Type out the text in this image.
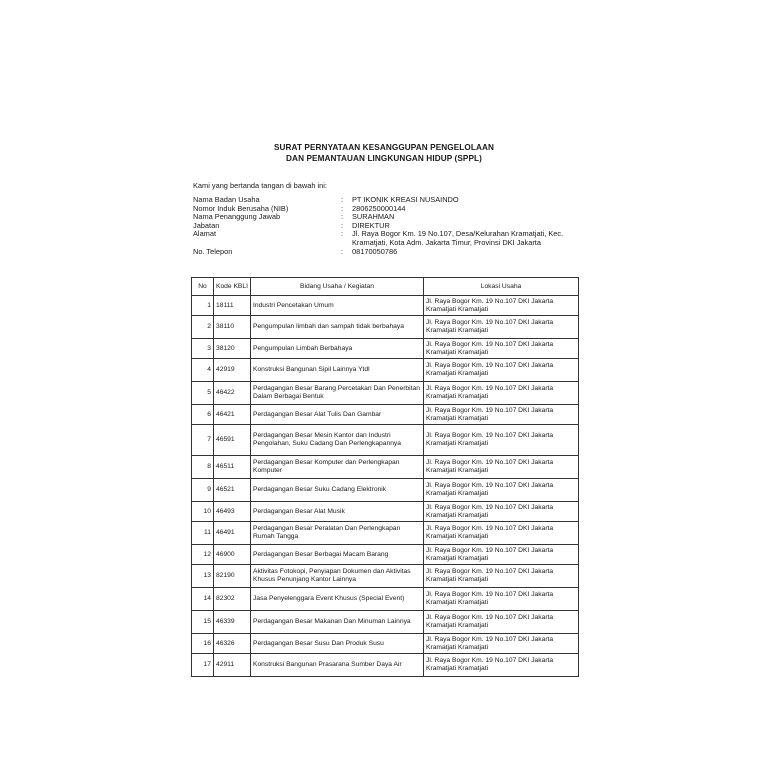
SURAT PERNYATAAN KESANGGUPAN PENGELOLAAN
DAN PEMANTAUAN LINGKUNGAN HIDUP (SPPL)
Kami yang bertanda tangan di bawah ini:
Nama Badan Usaha	:	PT IKONIK KREASI NUSAINDO
Nomor Induk Berusaha (NIB)	:	2806250000144
Nama Penanggung Jawab	:	SURAHMAN
Jabatan	:	DIREKTUR
Alamat	:	Jl. Raya Bogor Km. 19 No.107, Desa/Kelurahan Kramatjati, Kec. Kramatjati, Kota Adm. Jakarta Timur, Provinsi DKI Jakarta
No. Telepon	:	08170050786
No	Kode KBLI	Bidang Usaha / Kegiatan	Lokasi Usaha
1	18111	Industri Pencetakan Umum	Jl. Raya Bogor Km. 19 No.107 DKI Jakarta Kramatjati Kramatjati
2	38110	Pengumpulan limbah dan sampah tidak berbahaya	Jl. Raya Bogor Km. 19 No.107 DKI Jakarta Kramatjati Kramatjati
3	38120	Pengumpulan Limbah Berbahaya	Jl. Raya Bogor Km. 19 No.107 DKI Jakarta Kramatjati Kramatjati
4	42919	Konstruksi Bangunan Sipil Lainnya Ytdl	Jl. Raya Bogor Km. 19 No.107 DKI Jakarta Kramatjati Kramatjati
5	46422	Perdagangan Besar Barang Percetakan Dan Penerbitan Dalam Berbagai Bentuk	Jl. Raya Bogor Km. 19 No.107 DKI Jakarta Kramatjati Kramatjati
6	46421	Perdagangan Besar Alat Tulis Dan Gambar	Jl. Raya Bogor Km. 19 No.107 DKI Jakarta Kramatjati Kramatjati
7	46591	Perdagangan Besar Mesin Kantor dan Industri Pengolahan, Suku Cadang Dan Perlengkapannya	Jl. Raya Bogor Km. 19 No.107 DKI Jakarta Kramatjati Kramatjati
8	46511	Perdagangan Besar Komputer dan Perlengkapan Komputer	Jl. Raya Bogor Km. 19 No.107 DKI Jakarta Kramatjati Kramatjati
9	46521	Perdagangan Besar Suku Cadang Elektronik	Jl. Raya Bogor Km. 19 No.107 DKI Jakarta Kramatjati Kramatjati
10	46493	Perdagangan Besar Alat Musik	Jl. Raya Bogor Km. 19 No.107 DKI Jakarta Kramatjati Kramatjati
11	46491	Perdagangan Besar Peralatan Dan Perlengkapan Rumah Tangga	Jl. Raya Bogor Km. 19 No.107 DKI Jakarta Kramatjati Kramatjati
12	46900	Perdagangan Besar Berbagai Macam Barang	Jl. Raya Bogor Km. 19 No.107 DKI Jakarta Kramatjati Kramatjati
13	82190	Aktivitas Fotokopi, Penyiapan Dokumen dan Aktivitas Khusus Penunjang Kantor Lainnya	Jl. Raya Bogor Km. 19 No.107 DKI Jakarta Kramatjati Kramatjati
14	82302	Jasa Penyelenggara Event Khusus (Special Event)	Jl. Raya Bogor Km. 19 No.107 DKI Jakarta Kramatjati Kramatjati
15	46339	Perdagangan Besar Makanan Dan Minuman Lainnya	Jl. Raya Bogor Km. 19 No.107 DKI Jakarta Kramatjati Kramatjati
16	46326	Perdagangan Besar Susu Dan Produk Susu	Jl. Raya Bogor Km. 19 No.107 DKI Jakarta Kramatjati Kramatjati
17	42911	Konstruksi Bangunan Prasarana Sumber Daya Air	Jl. Raya Bogor Km. 19 No.107 DKI Jakarta Kramatjati Kramatjati
